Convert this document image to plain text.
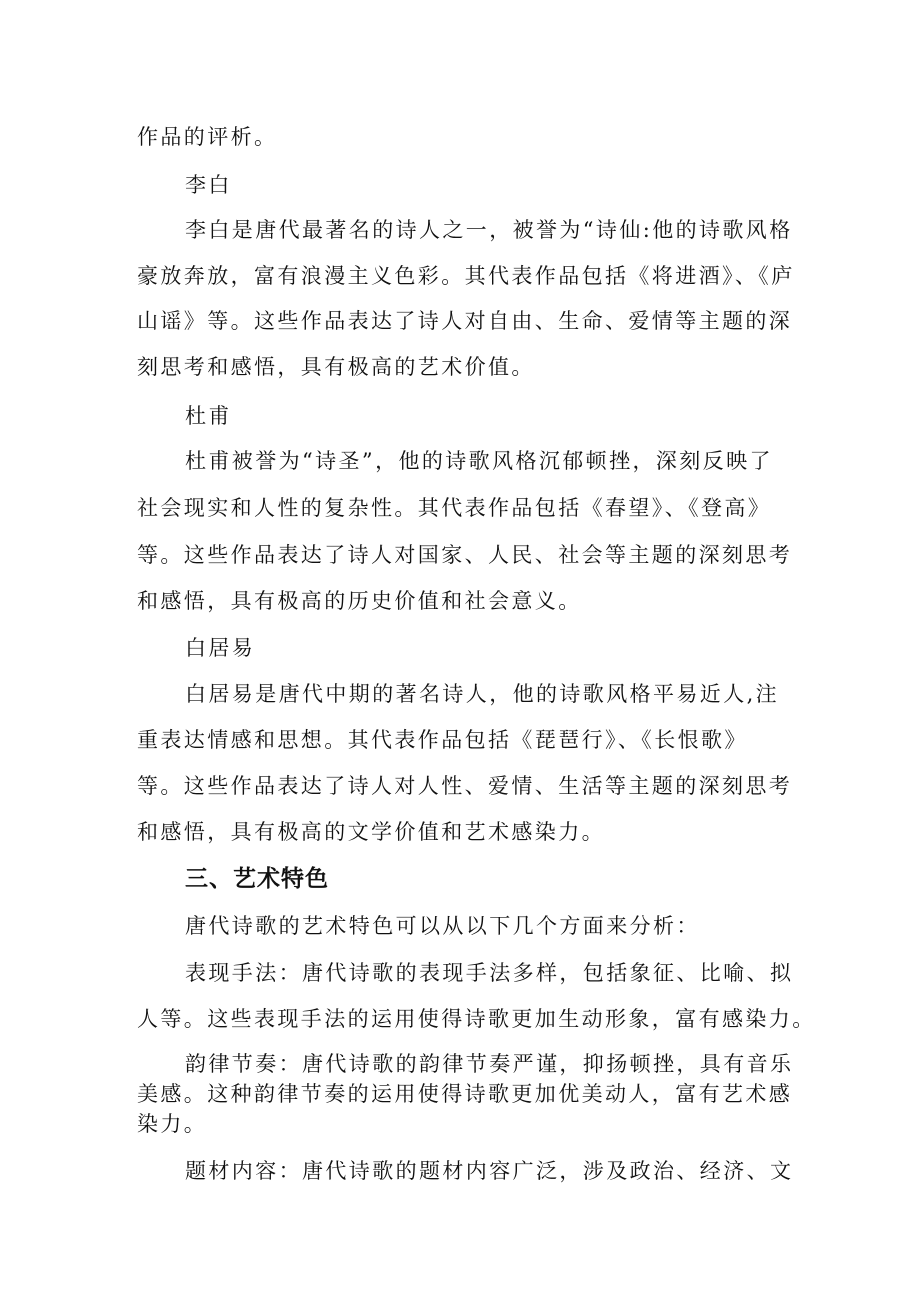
作品的评析。
李白
李白是唐代最著名的诗人之一，被誉为“诗仙:他的诗歌风格
豪放奔放，富有浪漫主义色彩。其代表作品包括《将进酒》、《庐
山谣》等。这些作品表达了诗人对自由、生命、爱情等主题的深
刻思考和感悟，具有极高的艺术价值。
杜甫
杜甫被誉为“诗圣”，他的诗歌风格沉郁顿挫，深刻反映了
社会现实和人性的复杂性。其代表作品包括《春望》、《登高》
等。这些作品表达了诗人对国家、人民、社会等主题的深刻思考
和感悟，具有极高的历史价值和社会意义。
白居易
白居易是唐代中期的著名诗人，他的诗歌风格平易近人,注
重表达情感和思想。其代表作品包括《琵琶行》、《长恨歌》
等。这些作品表达了诗人对人性、爱情、生活等主题的深刻思考
和感悟，具有极高的文学价值和艺术感染力。
三、艺术特色
唐代诗歌的艺术特色可以从以下几个方面来分析：
表现手法：唐代诗歌的表现手法多样，包括象征、比喻、拟
人等。这些表现手法的运用使得诗歌更加生动形象，富有感染力。
韵律节奏：唐代诗歌的韵律节奏严谨，抑扬顿挫，具有音乐
美感。这种韵律节奏的运用使得诗歌更加优美动人，富有艺术感
染力。
题材内容：唐代诗歌的题材内容广泛，涉及政治、经济、文
